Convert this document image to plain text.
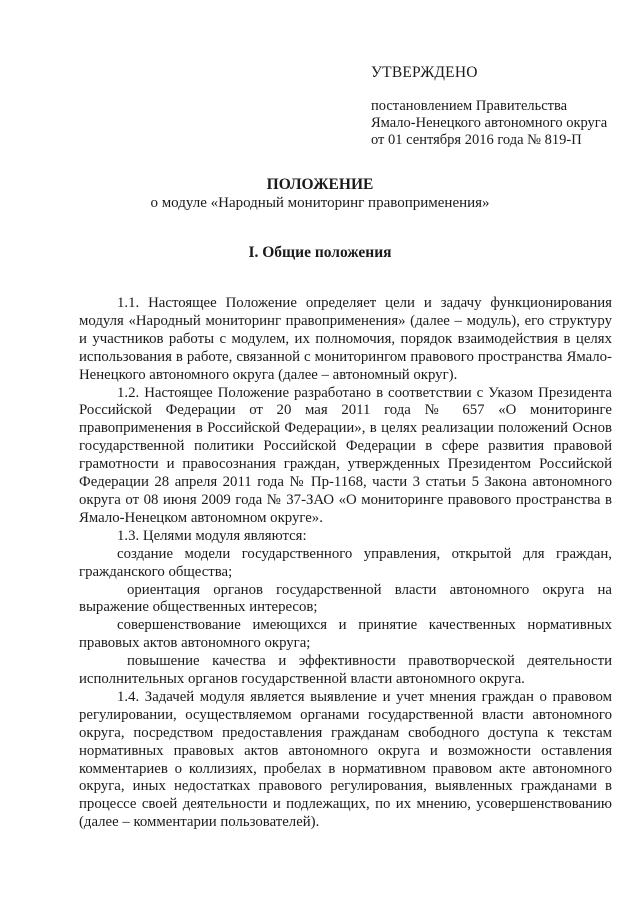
УТВЕРЖДЕНО
постановлением Правительства
Ямало-Ненецкого автономного округа
от 01 сентября 2016 года № 819-П
ПОЛОЖЕНИЕ
о модуле «Народный мониторинг правоприменения»
I. Общие положения

1.1. Настоящее Положение определяет цели и задачу функционирования модуля «Народный мониторинг правоприменения» (далее – модуль), его структуру и участников работы с модулем, их полномочия, порядок взаимодействия в целях использования в работе, связанной с мониторингом правового пространства Ямало-Ненецкого автономного округа (далее – автономный округ).

1.2. Настоящее Положение разработано в соответствии с Указом Президента Российской Федерации от 20 мая 2011 года № 657 «О мониторинге правоприменения в Российской Федерации», в целях реализации положений Основ государственной политики Российской Федерации в сфере развития правовой грамотности и правосознания граждан, утвержденных Президентом Российской Федерации 28 апреля 2011 года № Пр-1168, части 3 статьи 5 Закона автономного округа от 08 июня 2009 года № 37-ЗАО «О мониторинге правового пространства в Ямало-Ненецком автономном округе».

1.3. Целями модуля являются:

создание модели государственного управления, открытой для граждан, гражданского общества;

ориентация органов государственной власти автономного округа на выражение общественных интересов;

совершенствование имеющихся и принятие качественных нормативных правовых актов автономного округа;

повышение качества и эффективности правотворческой деятельности исполнительных органов государственной власти автономного округа.

1.4. Задачей модуля является выявление и учет мнения граждан о правовом регулировании, осуществляемом органами государственной власти автономного округа, посредством предоставления гражданам свободного доступа к текстам нормативных правовых актов автономного округа и возможности оставления комментариев о коллизиях, пробелах в нормативном правовом акте автономного округа, иных недостатках правового регулирования, выявленных гражданами в процессе своей деятельности и подлежащих, по их мнению, усовершенствованию (далее – комментарии пользователей).
